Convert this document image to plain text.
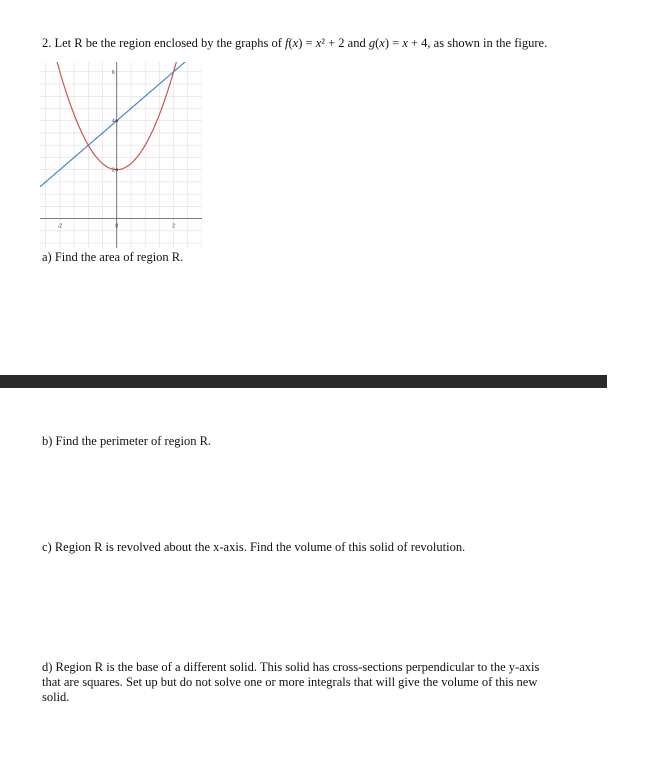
2. Let R be the region enclosed by the graphs of f(x) = x² + 2 and g(x) = x + 4, as shown in the figure.
-2	0	2
6
4
2
a) Find the area of region R.
b) Find the perimeter of region R.
c) Region R is revolved about the x-axis. Find the volume of this solid of revolution.
d) Region R is the base of a different solid. This solid has cross-sections perpendicular to the y-axis that are squares. Set up but do not solve one or more integrals that will give the volume of this new solid.
